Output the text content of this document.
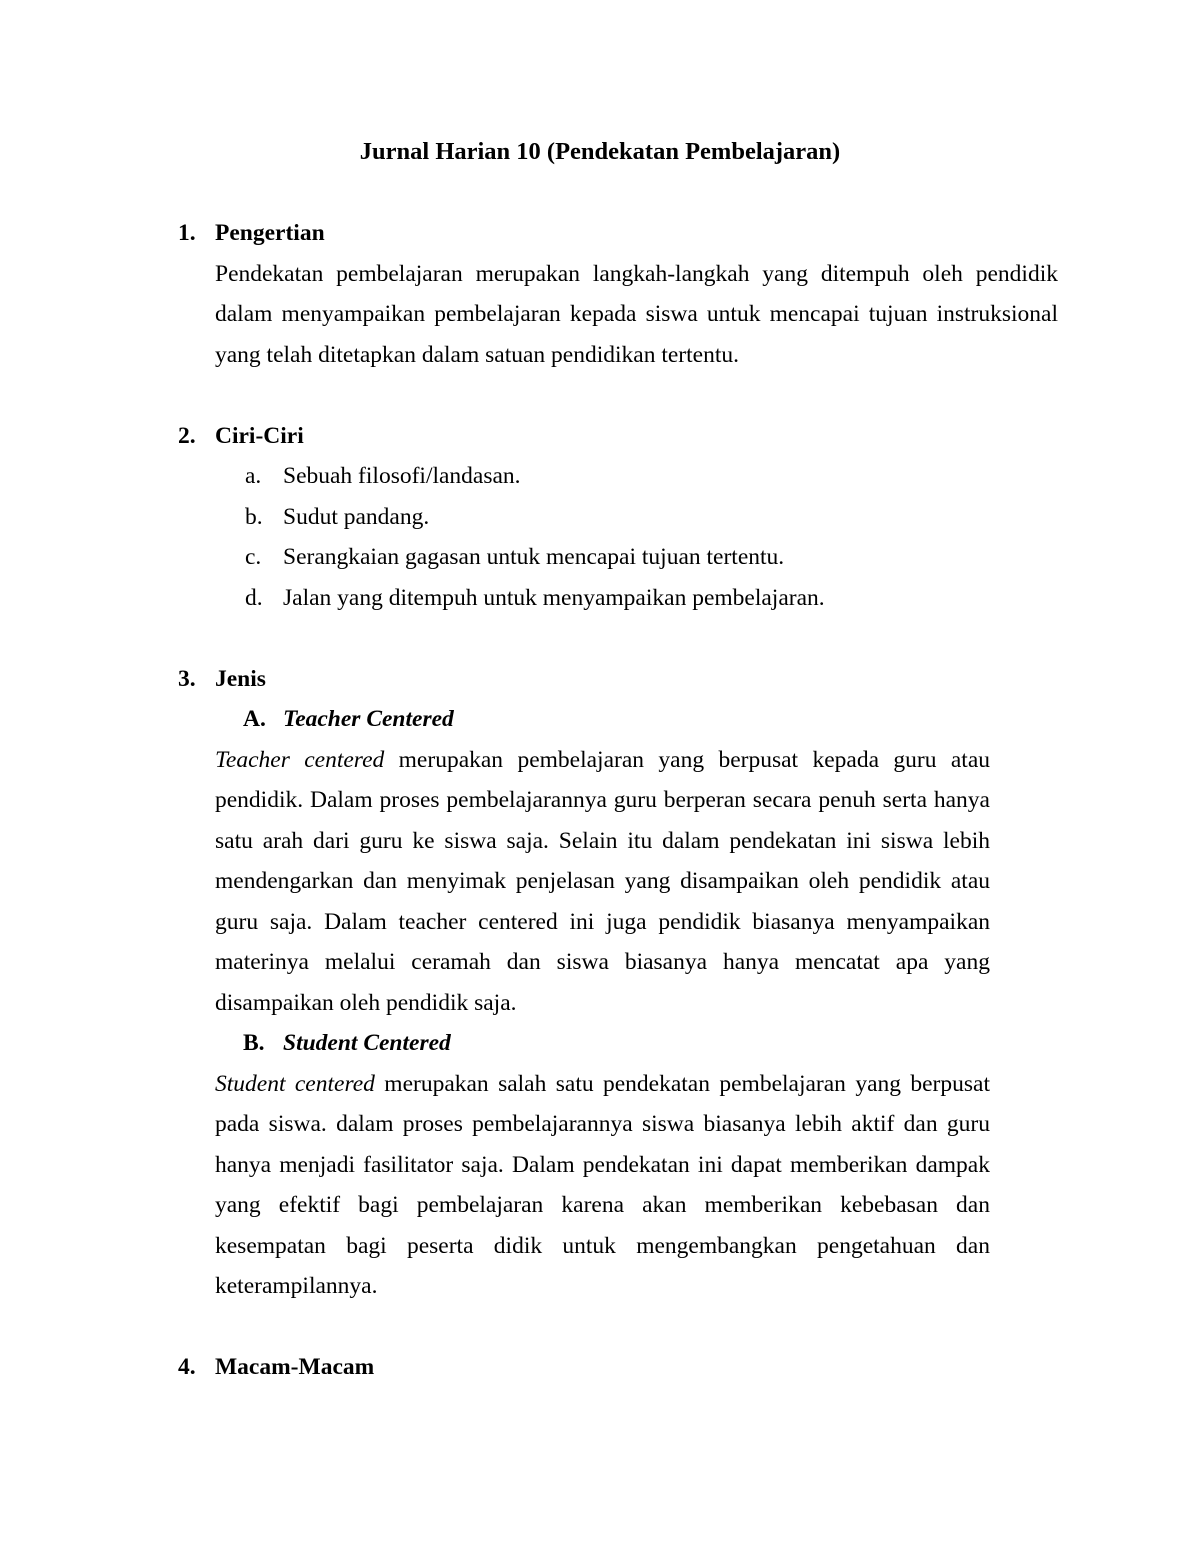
Jurnal Harian 10 (Pendekatan Pembelajaran)
1. Pengertian

Pendekatan pembelajaran merupakan langkah-langkah yang ditempuh oleh pendidik dalam menyampaikan pembelajaran kepada siswa untuk mencapai tujuan instruksional yang telah ditetapkan dalam satuan pendidikan tertentu.

2. Ciri-Ciri
a. Sebuah filosofi/landasan.
b. Sudut pandang.
c. Serangkaian gagasan untuk mencapai tujuan tertentu.
d. Jalan yang ditempuh untuk menyampaikan pembelajaran.
3. Jenis
A. Teacher Centered

Teacher centered merupakan pembelajaran yang berpusat kepada guru atau pendidik. Dalam proses pembelajarannya guru berperan secara penuh serta hanya satu arah dari guru ke siswa saja. Selain itu dalam pendekatan ini siswa lebih mendengarkan dan menyimak penjelasan yang disampaikan oleh pendidik atau guru saja. Dalam teacher centered ini juga pendidik biasanya menyampaikan materinya melalui ceramah dan siswa biasanya hanya mencatat apa yang disampaikan oleh pendidik saja.

B. Student Centered

Student centered merupakan salah satu pendekatan pembelajaran yang berpusat pada siswa. dalam proses pembelajarannya siswa biasanya lebih aktif dan guru hanya menjadi fasilitator saja. Dalam pendekatan ini dapat memberikan dampak yang efektif bagi pembelajaran karena akan memberikan kebebasan dan kesempatan bagi peserta didik untuk mengembangkan pengetahuan dan keterampilannya.

4. Macam-Macam
